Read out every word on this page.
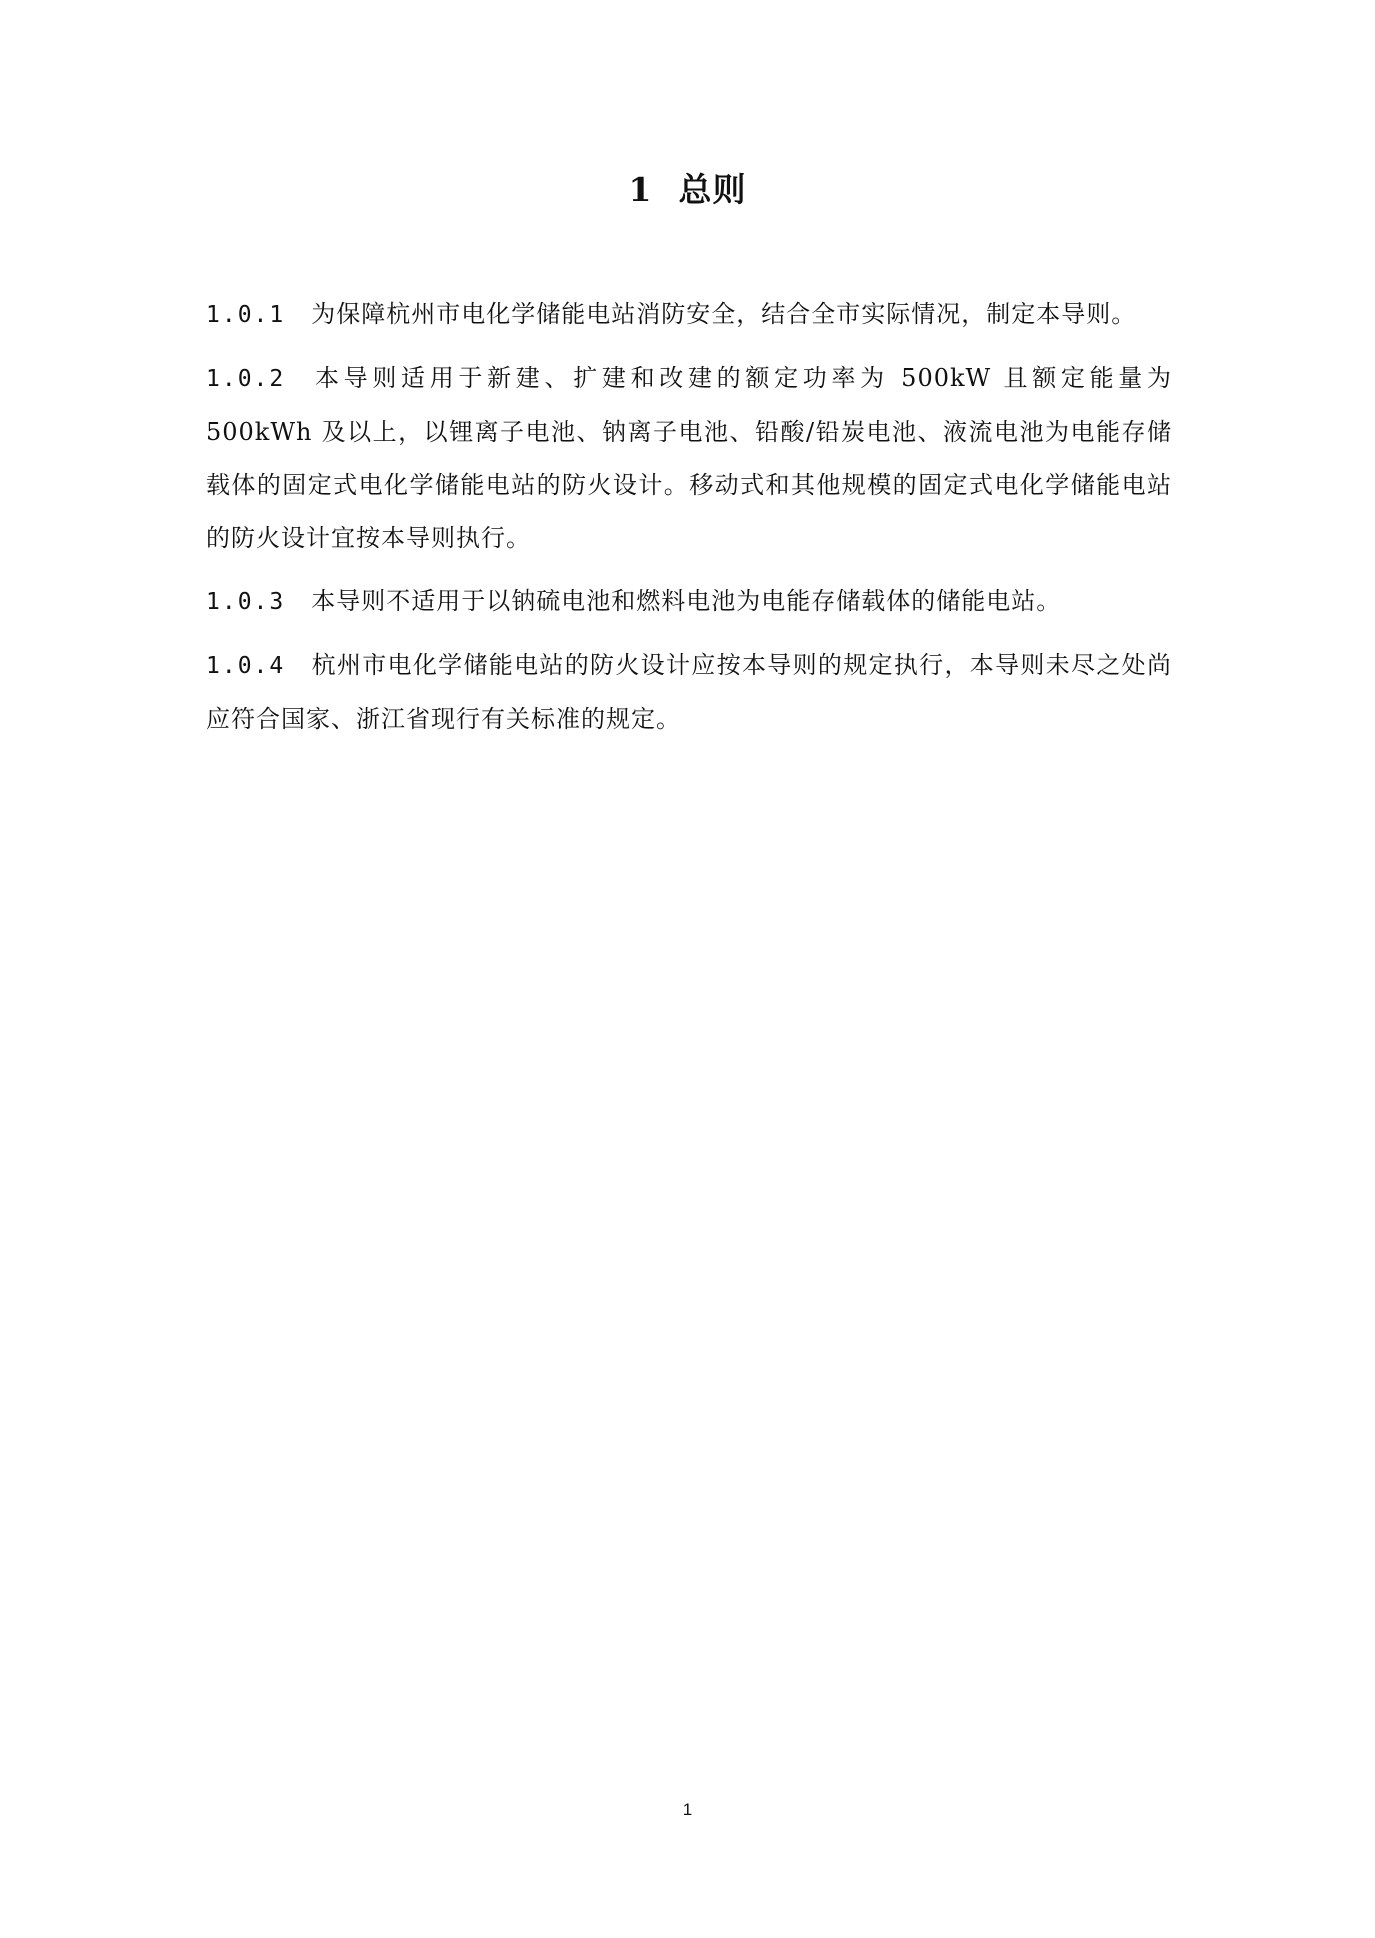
1 总则

1.0.1 为保障杭州市电化学储能电站消防安全，结合全市实际情况，制定本导则。

1.0.2 本导则适用于新建、扩建和改建的额定功率为 500kW 且额定能量为 500kWh 及以上，以锂离子电池、钠离子电池、铅酸/铅炭电池、液流电池为电能存储载体的固定式电化学储能电站的防火设计。移动式和其他规模的固定式电化学储能电站的防火设计宜按本导则执行。

1.0.3 本导则不适用于以钠硫电池和燃料电池为电能存储载体的储能电站。

1.0.4 杭州市电化学储能电站的防火设计应按本导则的规定执行，本导则未尽之处尚应符合国家、浙江省现行有关标准的规定。

1
